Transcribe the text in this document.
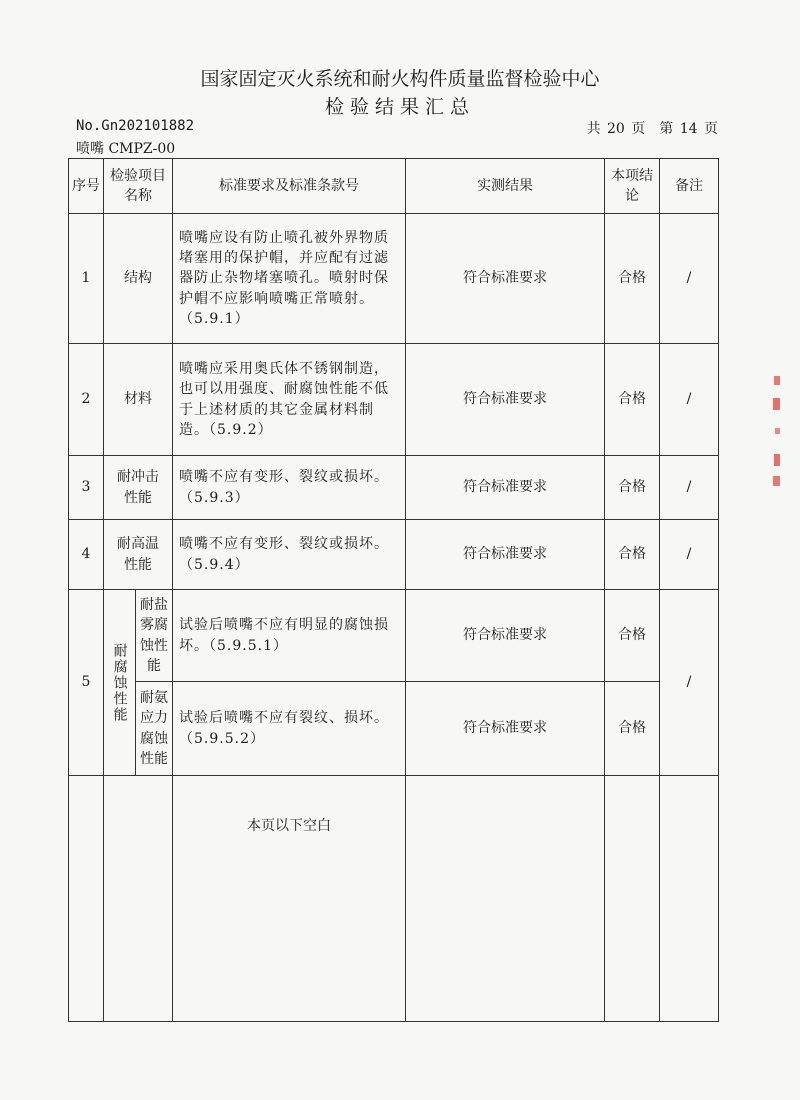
国家固定灭火系统和耐火构件质量监督检验中心
检验结果汇总
No.Gn202101882
喷嘴 CMPZ-00
共 20 页　第 14 页
序号	检验项目名称		标准要求及标准条款号	实测结果	本项结论	备注
1	结构		喷嘴应设有防止喷孔被外界物质堵塞用的保护帽，并应配有过滤器防止杂物堵塞喷孔。喷射时保护帽不应影响喷嘴正常喷射。（5.9.1）	符合标准要求	合格	/
2	材料		喷嘴应采用奥氏体不锈钢制造，也可以用强度、耐腐蚀性能不低于上述材质的其它金属材料制造。（5.9.2）	符合标准要求	合格	/
3	耐冲击性能		喷嘴不应有变形、裂纹或损坏。（5.9.3）	符合标准要求	合格	/
4	耐高温性能		喷嘴不应有变形、裂纹或损坏。（5.9.4）	符合标准要求	合格	/
5	耐腐蚀性能	耐盐雾腐蚀性能	试验后喷嘴不应有明显的腐蚀损坏。（5.9.5.1）	符合标准要求	合格	/
		耐氨应力腐蚀性能	试验后喷嘴不应有裂纹、损坏。（5.9.5.2）	符合标准要求	合格	
			本页以下空白			
